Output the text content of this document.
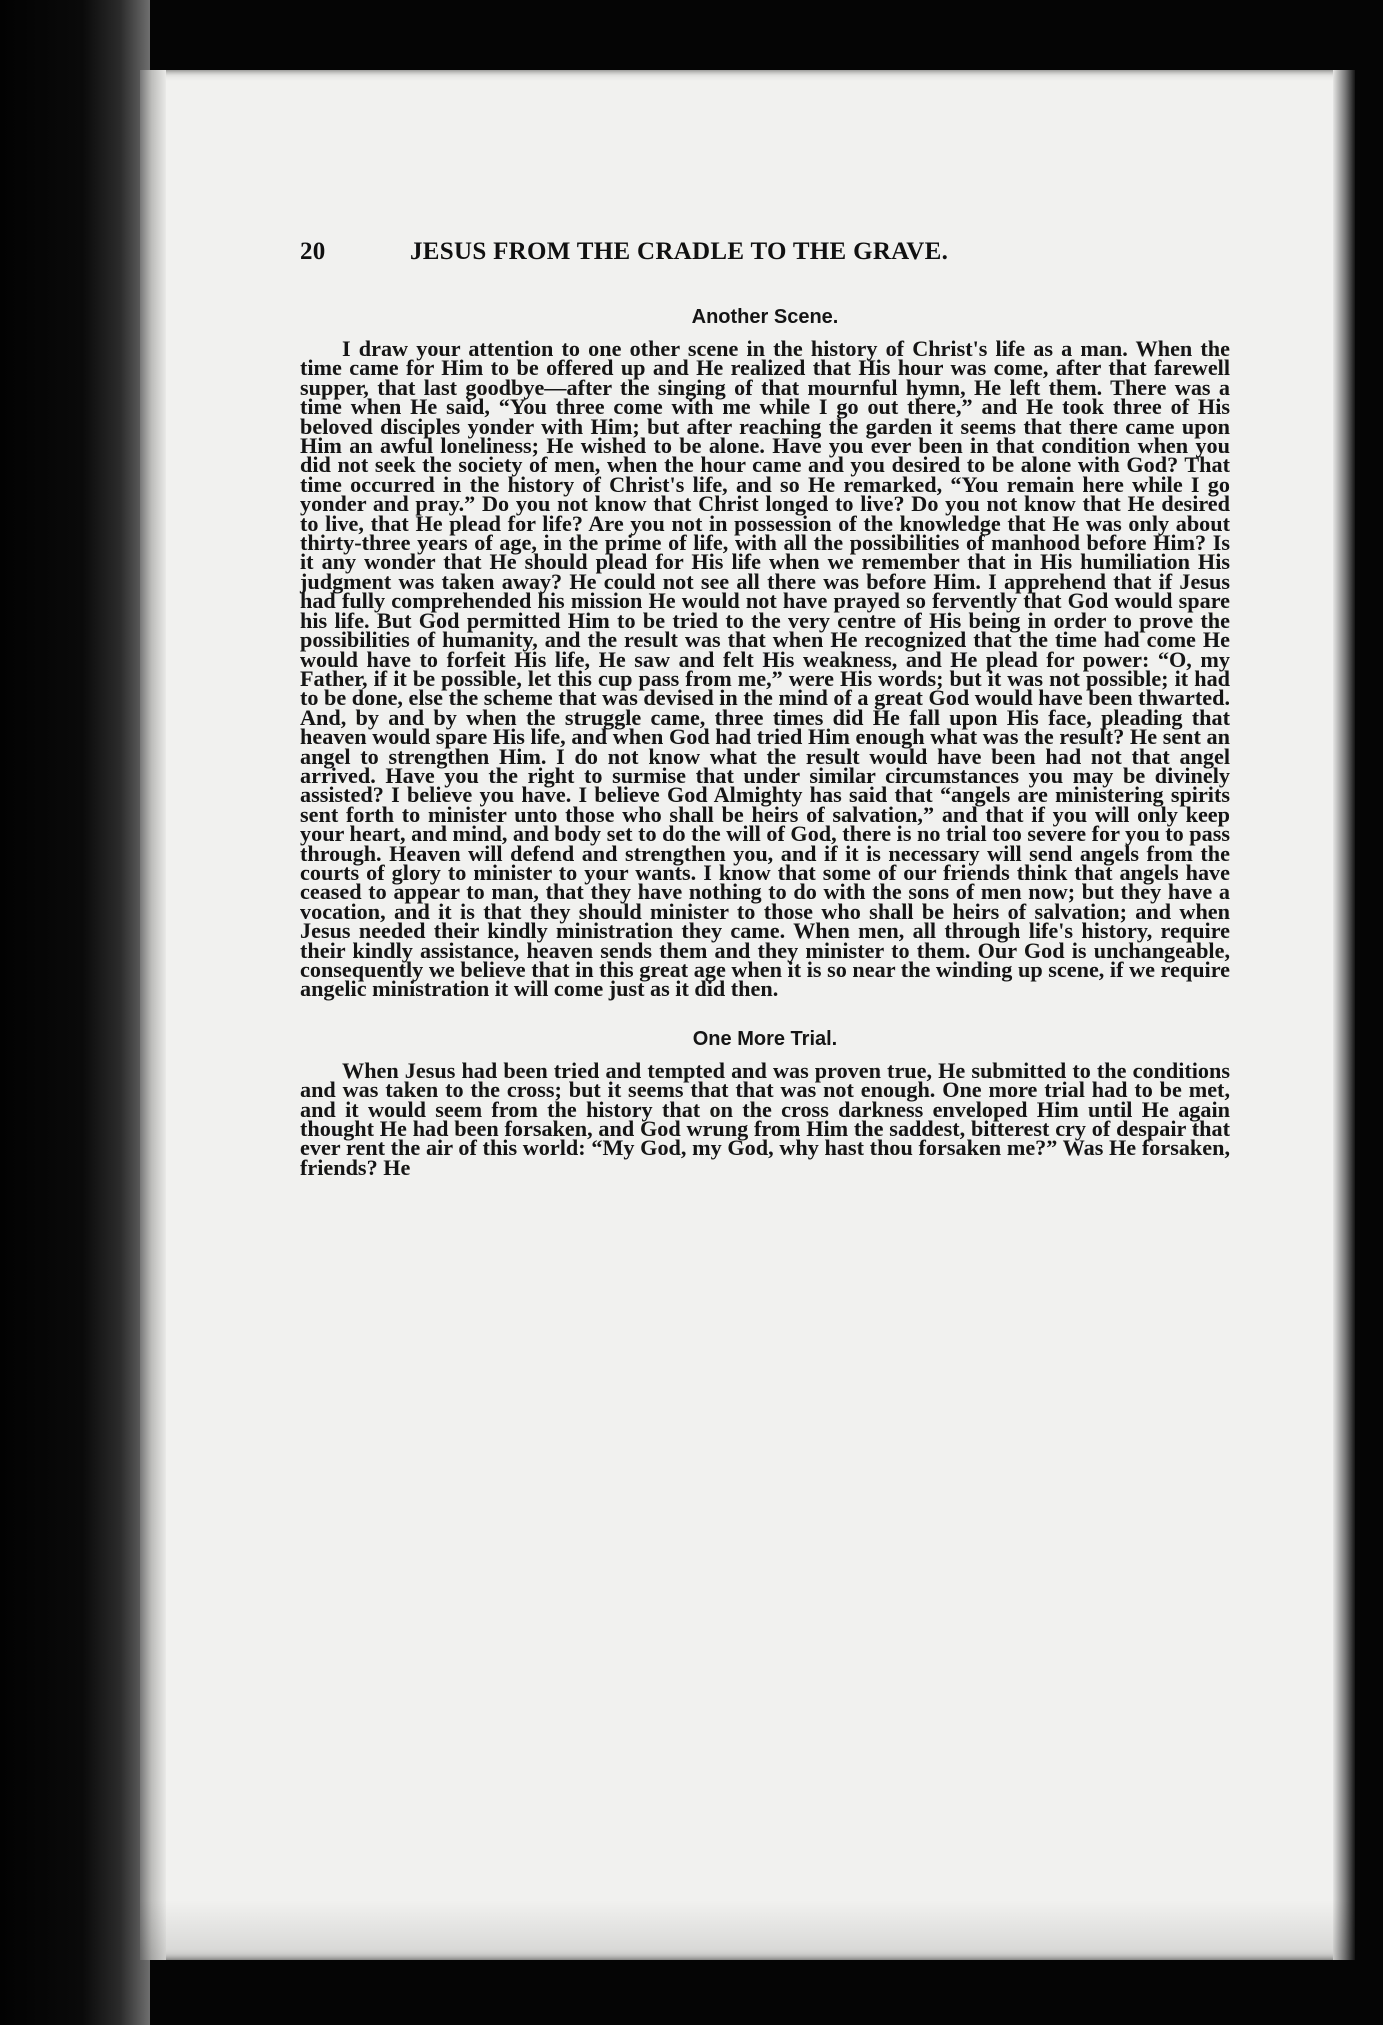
20	JESUS FROM THE CRADLE TO THE GRAVE.
Another Scene.

I draw your attention to one other scene in the history of Christ's life as a man. When the time came for Him to be offered up and He realized that His hour was come, after that farewell supper, that last goodbye—after the singing of that mournful hymn, He left them. There was a time when He said, “You three come with me while I go out there,” and He took three of His beloved disciples yonder with Him; but after reaching the garden it seems that there came upon Him an awful loneliness; He wished to be alone. Have you ever been in that condition when you did not seek the society of men, when the hour came and you desired to be alone with God? That time occurred in the history of Christ's life, and so He remarked, “You remain here while I go yonder and pray.” Do you not know that Christ longed to live? Do you not know that He desired to live, that He plead for life? Are you not in possession of the knowledge that He was only about thirty-three years of age, in the prime of life, with all the possibilities of manhood before Him? Is it any wonder that He should plead for His life when we remember that in His humiliation His judgment was taken away? He could not see all there was before Him. I apprehend that if Jesus had fully comprehended his mission He would not have prayed so fervently that God would spare his life. But God permitted Him to be tried to the very centre of His being in order to prove the possibilities of humanity, and the result was that when He recognized that the time had come He would have to forfeit His life, He saw and felt His weakness, and He plead for power: “O, my Father, if it be possible, let this cup pass from me,” were His words; but it was not possible; it had to be done, else the scheme that was devised in the mind of a great God would have been thwarted. And, by and by when the struggle came, three times did He fall upon His face, pleading that heaven would spare His life, and when God had tried Him enough what was the result? He sent an angel to strengthen Him. I do not know what the result would have been had not that angel arrived. Have you the right to surmise that under similar circumstances you may be divinely assisted? I believe you have. I believe God Almighty has said that “angels are ministering spirits sent forth to minister unto those who shall be heirs of salvation,” and that if you will only keep your heart, and mind, and body set to do the will of God, there is no trial too severe for you to pass through. Heaven will defend and strengthen you, and if it is necessary will send angels from the courts of glory to minister to your wants. I know that some of our friends think that angels have ceased to appear to man, that they have nothing to do with the sons of men now; but they have a vocation, and it is that they should minister to those who shall be heirs of salvation; and when Jesus needed their kindly ministration they came. When men, all through life's history, require their kindly assistance, heaven sends them and they minister to them. Our God is unchangeable, consequently we believe that in this great age when it is so near the winding up scene, if we require angelic ministration it will come just as it did then.

One More Trial.

When Jesus had been tried and tempted and was proven true, He submitted to the conditions and was taken to the cross; but it seems that that was not enough. One more trial had to be met, and it would seem from the history that on the cross darkness enveloped Him until He again thought He had been forsaken, and God wrung from Him the saddest, bitterest cry of despair that ever rent the air of this world: “My God, my God, why hast thou forsaken me?” Was He forsaken, friends? He
